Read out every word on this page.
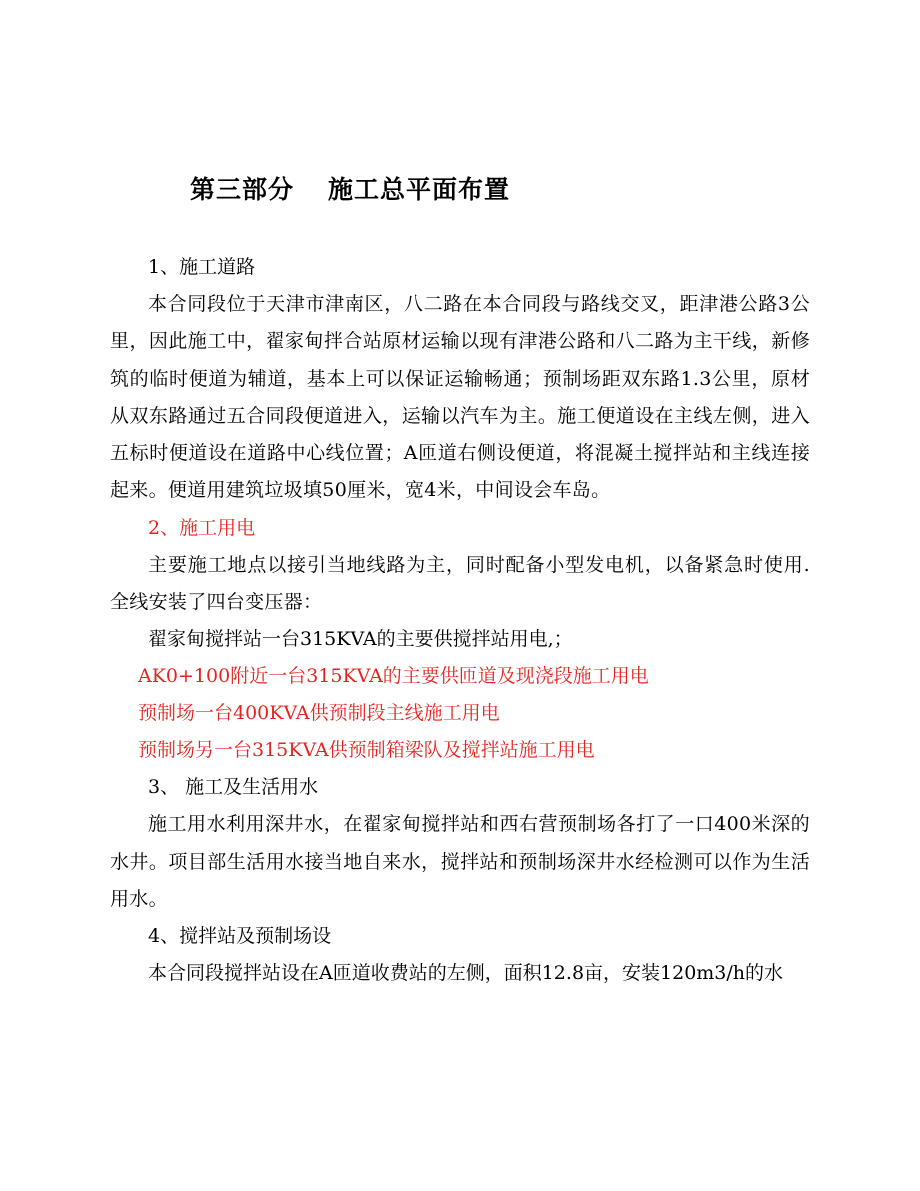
第三部分 施工总平面布置
1、施工道路
本合同段位于天津市津南区，八二路在本合同段与路线交叉，距津港公路3公里，因此施工中，翟家甸拌合站原材运输以现有津港公路和八二路为主干线，新修筑的临时便道为辅道，基本上可以保证运输畅通；预制场距双东路1.3公里，原材从双东路通过五合同段便道进入，运输以汽车为主。施工便道设在主线左侧，进入五标时便道设在道路中心线位置；A匝道右侧设便道，将混凝土搅拌站和主线连接起来。便道用建筑垃圾填50厘米，宽4米，中间设会车岛。
2、施工用电
主要施工地点以接引当地线路为主，同时配备小型发电机，以备紧急时使用.全线安装了四台变压器：
翟家甸搅拌站一台315KVA的主要供搅拌站用电,；
AK0+100附近一台315KVA的主要供匝道及现浇段施工用电
预制场一台400KVA供预制段主线施工用电
预制场另一台315KVA供预制箱梁队及搅拌站施工用电
3、 施工及生活用水
施工用水利用深井水，在翟家甸搅拌站和西右营预制场各打了一口400米深的水井。项目部生活用水接当地自来水，搅拌站和预制场深井水经检测可以作为生活用水。
4、搅拌站及预制场设
本合同段搅拌站设在A匝道收费站的左侧，面积12.8亩，安装120m3/h的水
